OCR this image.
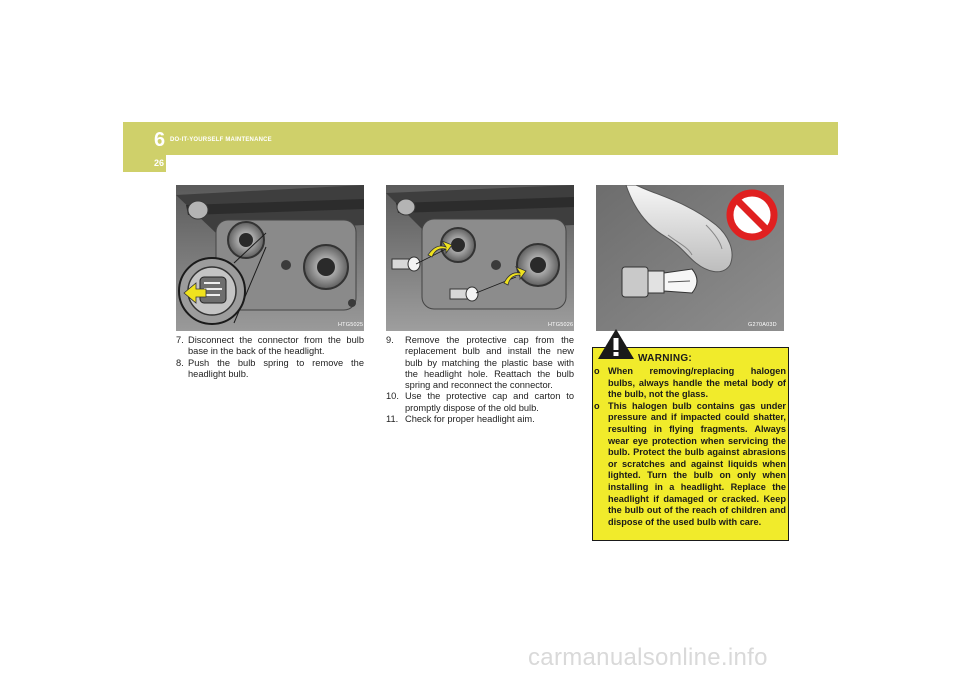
6 DO-IT-YOURSELF MAINTENANCE
26
HTG5025	HTG5026	G270A03D
7. Disconnect the connector from the bulb base in the back of the headlight.
8. Push the bulb spring to remove the headlight bulb.
9.	Remove the protective cap from the replacement bulb and install the new bulb by matching the plastic base with the headlight hole. Reattach the bulb spring and reconnect the connector.
10. Use the protective cap and carton to promptly dispose of the old bulb.
11. Check for proper headlight aim.
WARNING:
o When removing/replacing halogen bulbs, always handle the metal body of the bulb, not the glass.
o This halogen bulb contains gas under pressure and if impacted could shatter, resulting in flying fragments. Always wear eye protection when servicing the bulb. Protect the bulb against abrasions or scratches and against liquids when lighted. Turn the bulb on only when installing in a headlight. Replace the headlight if damaged or cracked. Keep the bulb out of the reach of children and dispose of the used bulb with care.
carmanualsonline.info
